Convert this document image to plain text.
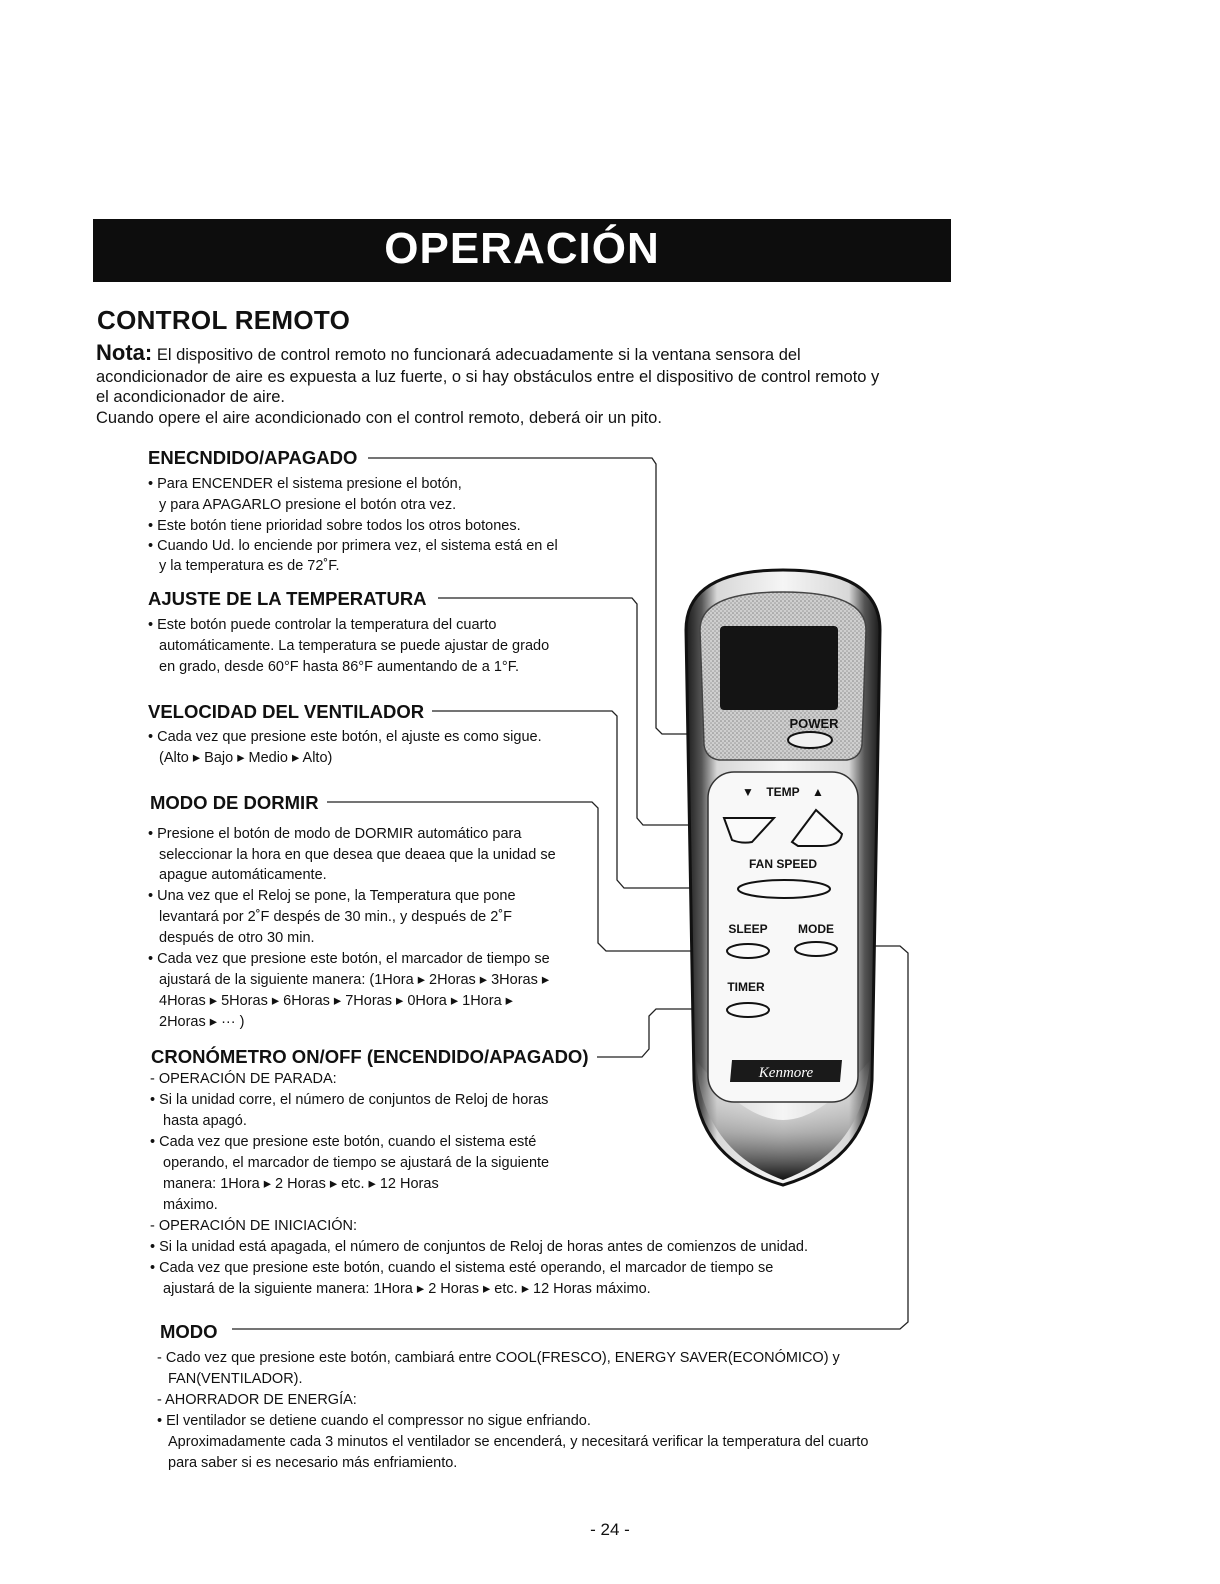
OPERACIÓN
CONTROL REMOTO
Nota: El dispositivo de control remoto no funcionará adecuadamente si la ventana sensora del
acondicionador de aire es expuesta a luz fuerte, o si hay obstáculos entre el dispositivo de control remoto y
el acondicionador de aire.
Cuando opere el aire acondicionado con el control remoto, deberá oir un pito.
ENECNDIDO/APAGADO
• Para ENCENDER el sistema presione el botón,
y para APAGARLO presione el botón otra vez.
• Este botón tiene prioridad sobre todos los otros botones.
• Cuando Ud. lo enciende por primera vez, el sistema está en el
y la temperatura es de 72˚F.
AJUSTE DE LA TEMPERATURA
• Este botón puede controlar la temperatura del cuarto
automáticamente. La temperatura se puede ajustar de grado
en grado, desde 60°F hasta 86°F aumentando de a 1°F.
VELOCIDAD DEL VENTILADOR
• Cada vez que presione este botón, el ajuste es como sigue.
(Alto ▸ Bajo ▸ Medio ▸ Alto)
MODO DE DORMIR
• Presione el botón de modo de DORMIR automático para
seleccionar la hora en que desea que deaea que la unidad se
apague automáticamente.
• Una vez que el Reloj se pone, la Temperatura que pone
levantará por 2˚F despés de 30 min., y después de 2˚F
después de otro 30 min.
• Cada vez que presione este botón, el marcador de tiempo se
ajustará de la siguiente manera: (1Hora ▸ 2Horas ▸ 3Horas ▸
4Horas ▸ 5Horas ▸ 6Horas ▸ 7Horas ▸ 0Hora ▸ 1Hora ▸
2Horas ▸ ··· )
CRONÓMETRO ON/OFF (ENCENDIDO/APAGADO)
- OPERACIÓN DE PARADA:
• Si la unidad corre, el número de conjuntos de Reloj de horas
hasta apagó.
• Cada vez que presione este botón, cuando el sistema esté
operando, el marcador de tiempo se ajustará de la siguiente
manera: 1Hora ▸ 2 Horas ▸ etc. ▸ 12 Horas
máximo.
- OPERACIÓN DE INICIACIÓN:
• Si la unidad está apagada, el número de conjuntos de Reloj de horas antes de comienzos de unidad.
• Cada vez que presione este botón, cuando el sistema esté operando, el marcador de tiempo se
ajustará de la siguiente manera: 1Hora ▸ 2 Horas ▸ etc. ▸ 12 Horas máximo.
MODO
- Cado vez que presione este botón, cambiará entre COOL(FRESCO), ENERGY SAVER(ECONÓMICO) y
FAN(VENTILADOR).
- AHORRADOR DE ENERGÍA:
• El ventilador se detiene cuando el compressor no sigue enfriando.
Aproximadamente cada 3 minutos el ventilador se encenderá, y necesitará verificar la temperatura del cuarto
para saber si es necesario más enfriamiento.
POWER
▼ TEMP ▲
FAN SPEED
SLEEP	MODE
TIMER
Kenmore
- 24 -
